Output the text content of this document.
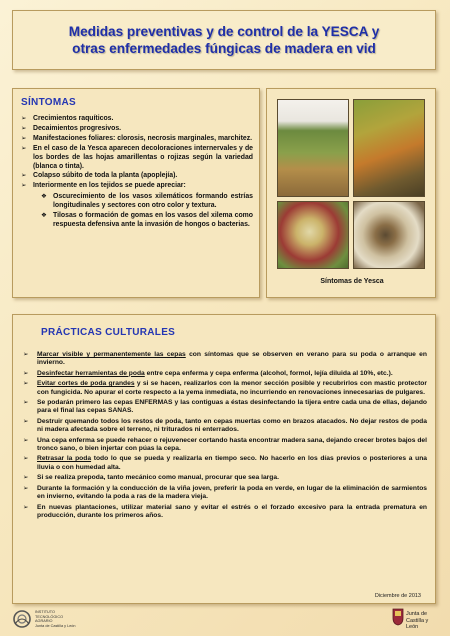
Medidas preventivas y de control de la YESCA y
otras enfermedades fúngicas de madera en vid
SÍNTOMAS
➢ Crecimientos raquíticos.
➢ Decaimientos progresivos.
➢ Manifestaciones foliares: clorosis, necrosis marginales, marchitez.
➢ En el caso de la Yesca aparecen decoloraciones internervales y de los bordes de las hojas amarillentas o rojizas según la variedad (blanca o tinta).
➢ Colapso súbito de toda la planta (apoplejía).
➢ Interiormente en los tejidos se puede apreciar:
❖ Oscurecimiento de los vasos xilemáticos formando estrías longitudinales y sectores con otro color y textura.
❖ Tilosas o formación de gomas en los vasos del xilema como respuesta defensiva ante la invasión de hongos o bacterias.
Síntomas de Yesca
PRÁCTICAS CULTURALES
➢ Marcar visible y permanentemente las cepas con síntomas que se observen en verano para su poda o arranque en invierno.
➢ Desinfectar herramientas de poda entre cepa enferma y cepa enferma (alcohol, formol, lejía diluida al 10%, etc.).
➢ Evitar cortes de poda grandes y si se hacen, realizarlos con la menor sección posible y recubrirlos con mastic protector con fungicida. No apurar el corte respecto a la yema inmediata, no incurriendo en renovaciones innecesarias de pulgares.
➢ Se podarán primero las cepas ENFERMAS y las contiguas a éstas desinfectando la tijera entre cada una de ellas, dejando para el final las cepas SANAS.
➢ Destruir quemando todos los restos de poda, tanto en cepas muertas como en brazos atacados. No dejar restos de poda ni madera afectada sobre el terreno, ni triturados ni enterrados.
➢ Una cepa enferma se puede rehacer o rejuvenecer cortando hasta encontrar madera sana, dejando crecer brotes bajos del tronco sano, o bien injertar con púas la cepa.
➢ Retrasar la poda todo lo que se pueda y realizarla en tiempo seco. No hacerlo en los días previos o posteriores a una lluvia o con humedad alta.
➢ Si se realiza prepoda, tanto mecánico como manual, procurar que sea larga.
➢ Durante la formación y la conducción de la viña joven, preferir la poda en verde, en lugar de la eliminación de sarmientos en invierno, evitando la poda a ras de la madera vieja.
➢ En nuevas plantaciones, utilizar material sano y evitar el estrés o el forzado excesivo para la entrada prematura en producción, durante los primeros años.
Diciembre de 2013
INSTITUTO
TECNOLÓGICO
AGRARIO
Junta de Castilla y León
Junta de
Castilla y León
